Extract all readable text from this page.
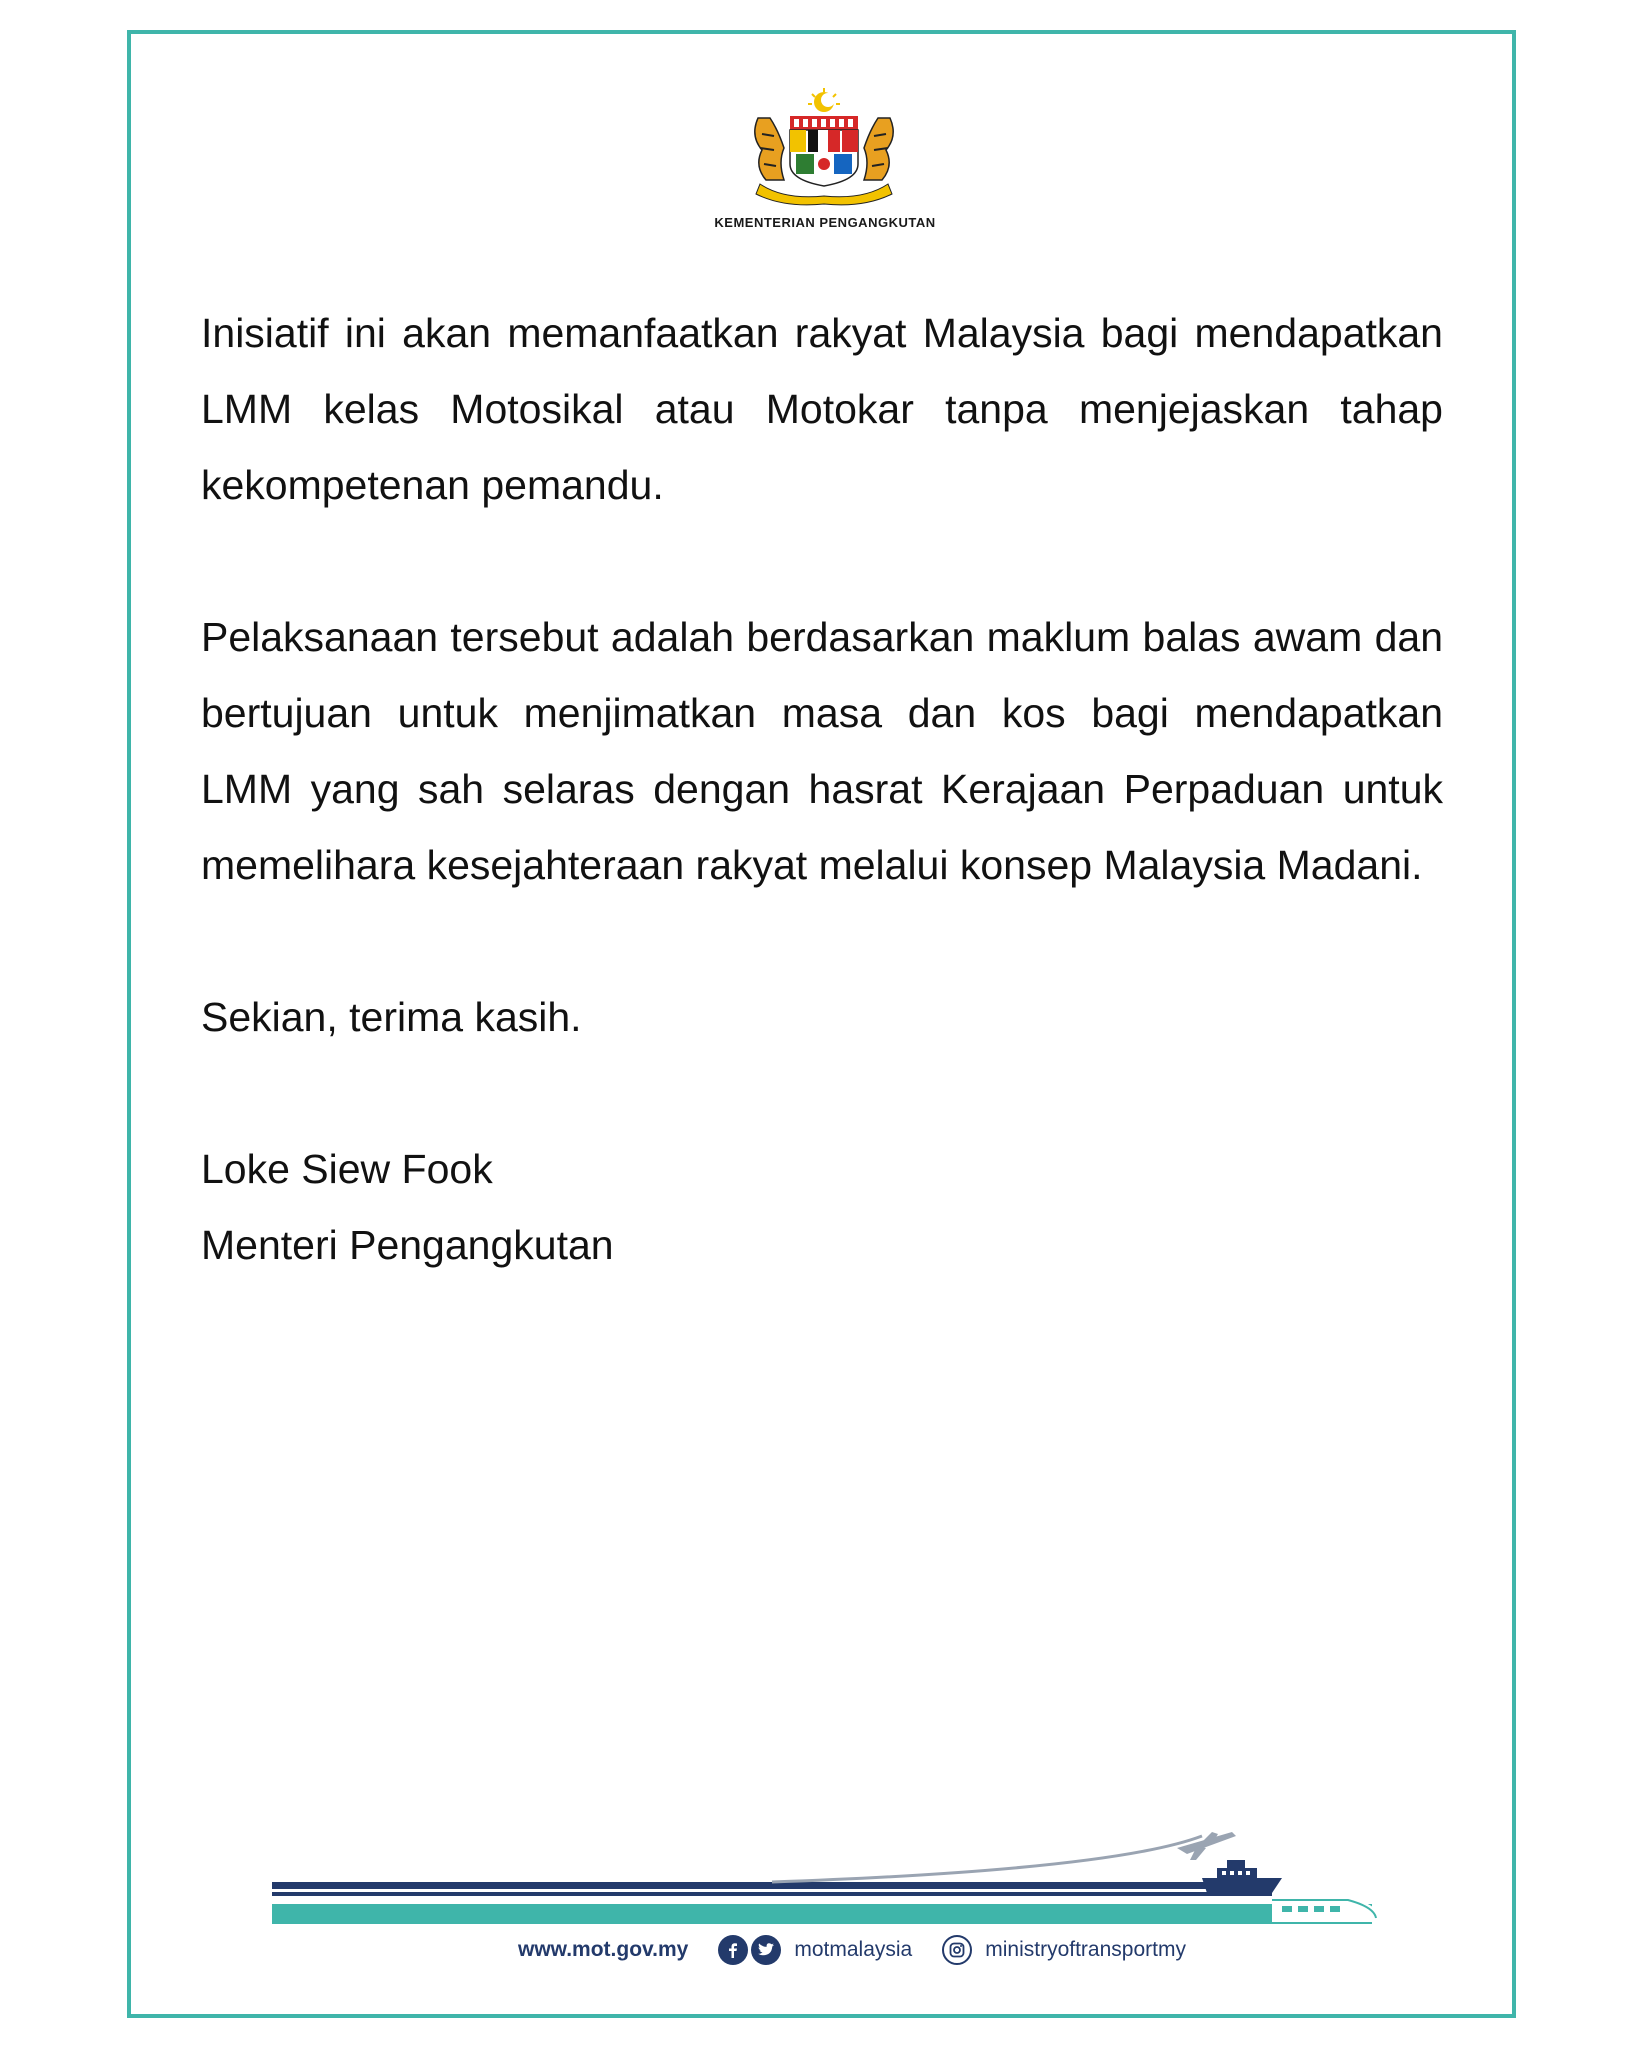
KEMENTERIAN PENGANGKUTAN

Inisiatif ini akan memanfaatkan rakyat Malaysia bagi mendapatkan LMM kelas Motosikal atau Motokar tanpa menjejaskan tahap kekompetenan pemandu.

Pelaksanaan tersebut adalah berdasarkan maklum balas awam dan bertujuan untuk menjimatkan masa dan kos bagi mendapatkan LMM yang sah selaras dengan hasrat Kerajaan Perpaduan untuk memelihara kesejahteraan rakyat melalui konsep Malaysia Madani.

Sekian, terima kasih.

Loke Siew Fook

Menteri Pengangkutan

www.mot.gov.my	motmalaysia	ministryoftransportmy
